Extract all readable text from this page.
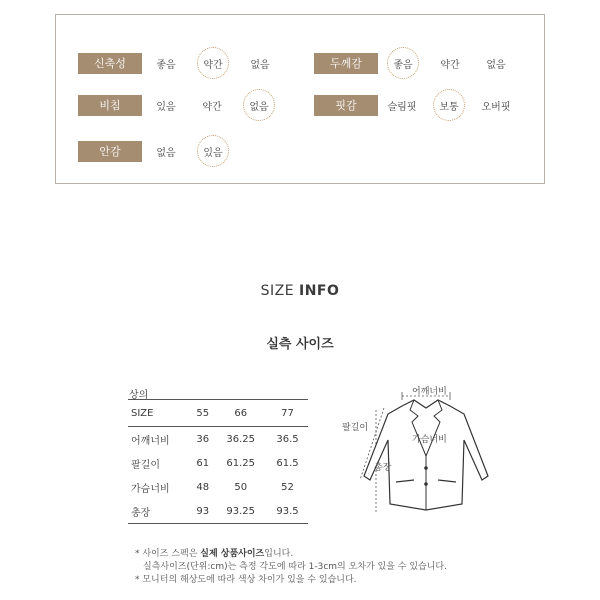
신축성	좋음	약간	없음	두께감	좋음	약간	없음
비침	있음	약간	없음	핏감	슬림핏	보통	오버핏
안감	없음	있음
SIZE INFO
실측 사이즈
상의
SIZE	55	66	77
어깨너비	36	36.25	36.5
팔길이	61	61.25	61.5
가슴너비	48	50	52
총장	93	93.25	93.5
어깨너비
팔길이
가슴너비
총장
* 사이즈 스펙은 실제 상품사이즈입니다.
실측사이즈(단위:cm)는 측정 각도에 따라 1-3cm의 오차가 있을 수 있습니다.
* 모니터의 해상도에 따라 색상 차이가 있을 수 있습니다.
